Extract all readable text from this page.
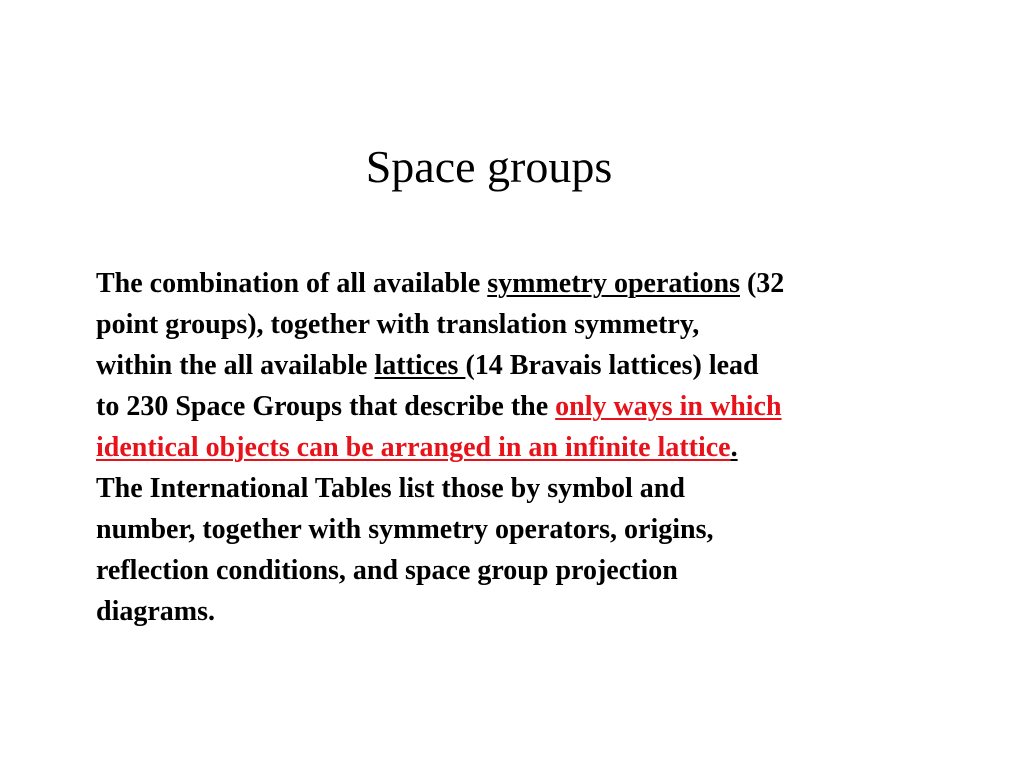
Space groups

The combination of all available symmetry operations (32
point groups), together with translation symmetry,
within the all available lattices (14 Bravais lattices) lead
to 230 Space Groups that describe the only ways in which
identical objects can be arranged in an infinite lattice.
The International Tables list those by symbol and
number, together with symmetry operators, origins,
reflection conditions, and space group projection
diagrams.
